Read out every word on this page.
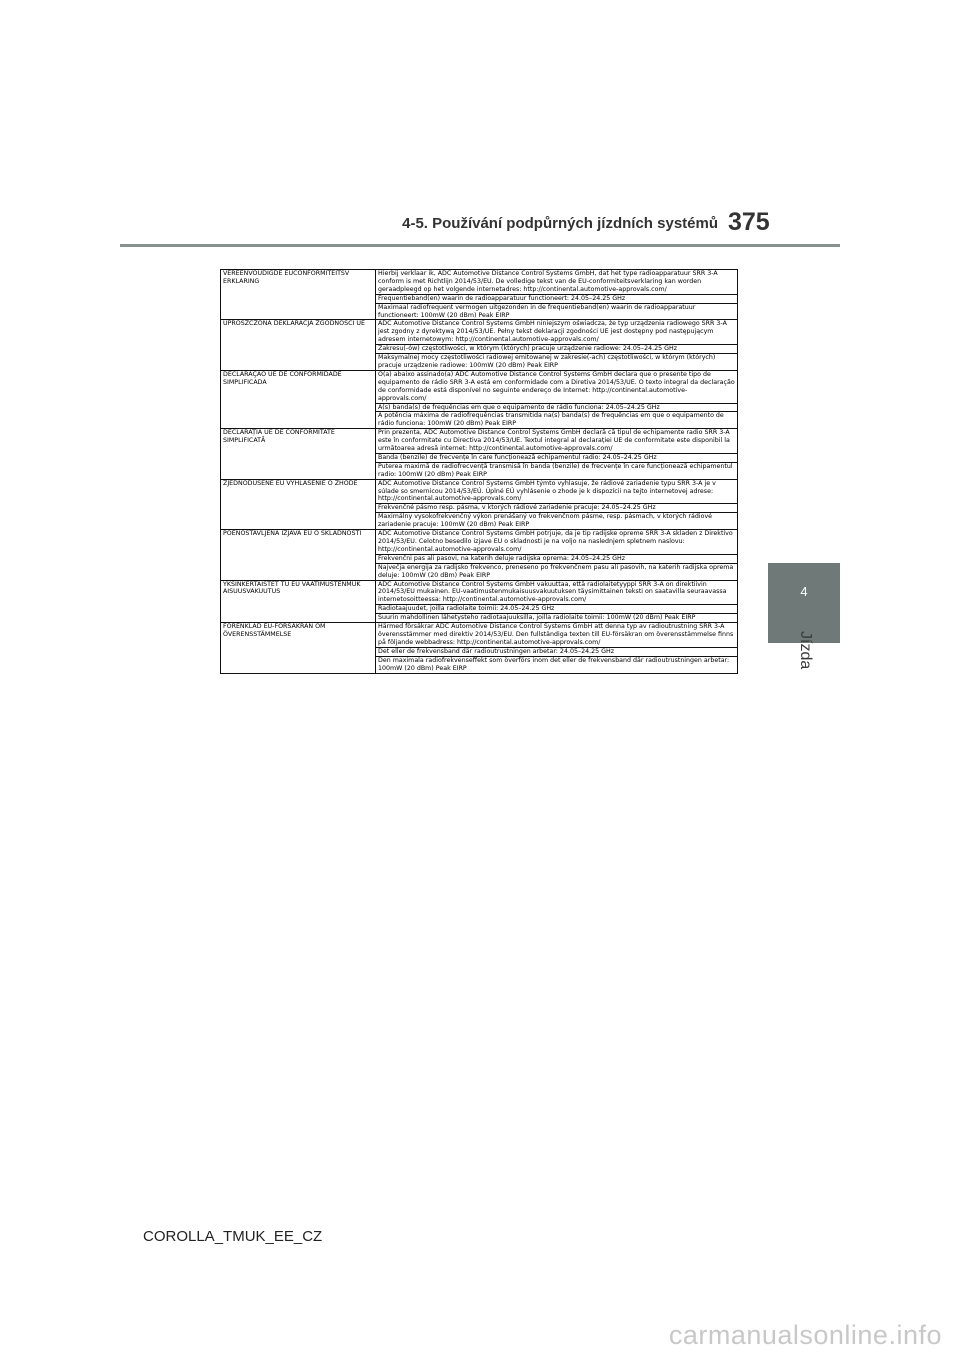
4-5. Používání podpůrných jízdních systémů 375
4
Jízda
VEREENVOUDIGDE EUCONFORMITEITSV ERKLARING	Hierbij verklaar ik, ADC Automotive Distance Control Systems GmbH, dat het type radioapparatuur SRR 3-A conform is met Richtlijn 2014/53/EU. De volledige tekst van de EU-conformiteitsverklaring kan worden geraadpleegd op het volgende internetadres: http://continental.automotive-approvals.com/
Frequentieband(en) waarin de radioapparatuur functioneert: 24.05–24.25 GHz
Maximaal radiofrequent vermogen uitgezonden in de frequentieband(en) waarin de radioapparatuur functioneert: 100mW (20 dBm) Peak EIRP

UPROSZCZONA DEKLARACJA ZGODNOŚCI UE	ADC Automotive Distance Control Systems GmbH niniejszym oświadcza, że typ urządzenia radiowego SRR 3-A jest zgodny z dyrektywą 2014/53/UE. Pełny tekst deklaracji zgodności UE jest dostępny pod następującym adresem internetowym: http://continental.automotive-approvals.com/
Zakresu(-ów) częstotliwości, w którym (których) pracuje urządzenie radiowe: 24.05–24.25 GHz
Maksymalnej mocy częstotliwości radiowej emitowanej w zakresie(-ach) częstotliwości, w którym (których) pracuje urządzenie radiowe: 100mW (20 dBm) Peak EIRP

DECLARAÇÃO UE DE CONFORMIDADE SIMPLIFICADA	O(a) abaixo assinado(a) ADC Automotive Distance Control Systems GmbH declara que o presente tipo de equipamento de rádio SRR 3-A está em conformidade com a Diretiva 2014/53/UE. O texto integral da declaração de conformidade está disponível no seguinte endereço de Internet: http://continental.automotive-approvals.com/
A(s) banda(s) de frequências em que o equipamento de rádio funciona: 24.05–24.25 GHz
A potência máxima de radiofrequências transmitida na(s) banda(s) de frequências em que o equipamento de rádio funciona: 100mW (20 dBm) Peak EIRP

DECLARAȚIA UE DE CONFORMITATE SIMPLIFICATĂ	Prin prezenta, ADC Automotive Distance Control Systems GmbH declară că tipul de echipamente radio SRR 3-A este în conformitate cu Directiva 2014/53/UE. Textul integral al declarației UE de conformitate este disponibil la următoarea adresă internet: http://continental.automotive-approvals.com/
Banda (benzile) de frecvențe în care funcționează echipamentul radio: 24.05–24.25 GHz
Puterea maximă de radiofrecvență transmisă în banda (benzile) de frecvențe în care funcționează echipamentul radio: 100mW (20 dBm) Peak EIRP

ZJEDNODUŠENÉ EÚ VYHLÁSENIE O ZHODE	ADC Automotive Distance Control Systems GmbH týmto vyhlasuje, že rádiové zariadenie typu SRR 3-A je v súlade so smernicou 2014/53/EÚ. Úplné EÚ vyhlásenie o zhode je k dispozícii na tejto internetovej adrese: http://continental.automotive-approvals.com/
Frekvenčné pásmo resp. pásma, v ktorých rádiové zariadenie pracuje: 24.05–24.25 GHz
Maximálny vysokofrekvenčný výkon prenášaný vo frekvenčnom pásme, resp. pásmach, v ktorých rádiové zariadenie pracuje: 100mW (20 dBm) Peak EIRP

POENOSTAVLJENA IZJAVA EU O SKLADNOSTI	ADC Automotive Distance Control Systems GmbH potrjuje, da je tip radijske opreme SRR 3-A skladen z Direktivo 2014/53/EU. Celotno besedilo izjave EU o skladnosti je na voljo na naslednjem spletnem naslovu: http://continental.automotive-approvals.com/
Frekvenčni pas ali pasovi, na katerih deluje radijska oprema: 24.05–24.25 GHz
Največja energija za radijsko frekvenco, preneseno po frekvenčnem pasu ali pasovih, na katerih radijska oprema deluje: 100mW (20 dBm) Peak EIRP

YKSINKERTAISTET TU EU VAATIMUSTENMUK AISUUSVAKUUTUS	ADC Automotive Distance Control Systems GmbH vakuuttaa, että radiolaitetyyppi SRR 3-A on direktiivin 2014/53/EU mukainen. EU-vaatimustenmukaisuusvakuutuksen täysimittainen teksti on saatavilla seuraavassa internetosoitteessa: http://continental.automotive-approvals.com/
Radiotaajuudet, joilla radiolaite toimii: 24.05–24.25 GHz
Suurin mahdollinen lähetysteho radiotaajuuksilla, joilla radiolaite toimii: 100mW (20 dBm) Peak EIRP

FÖRENKLAD EU-FÖRSÄKRAN OM ÖVERENSSTÄMMELSE	Härmed försäkrar ADC Automotive Distance Control Systems GmbH att denna typ av radioutrustning SRR 3-A överensstämmer med direktiv 2014/53/EU. Den fullständiga texten till EU-försäkran om överensstämmelse finns på följande webbadress: http://continental.automotive-approvals.com/
Det eller de frekvensband där radioutrustningen arbetar: 24.05–24.25 GHz
Den maximala radiofrekvenseffekt som överförs inom det eller de frekvensband där radioutrustningen arbetar: 100mW (20 dBm) Peak EIRP
COROLLA_TMUK_EE_CZ
carmanualsonline.info
